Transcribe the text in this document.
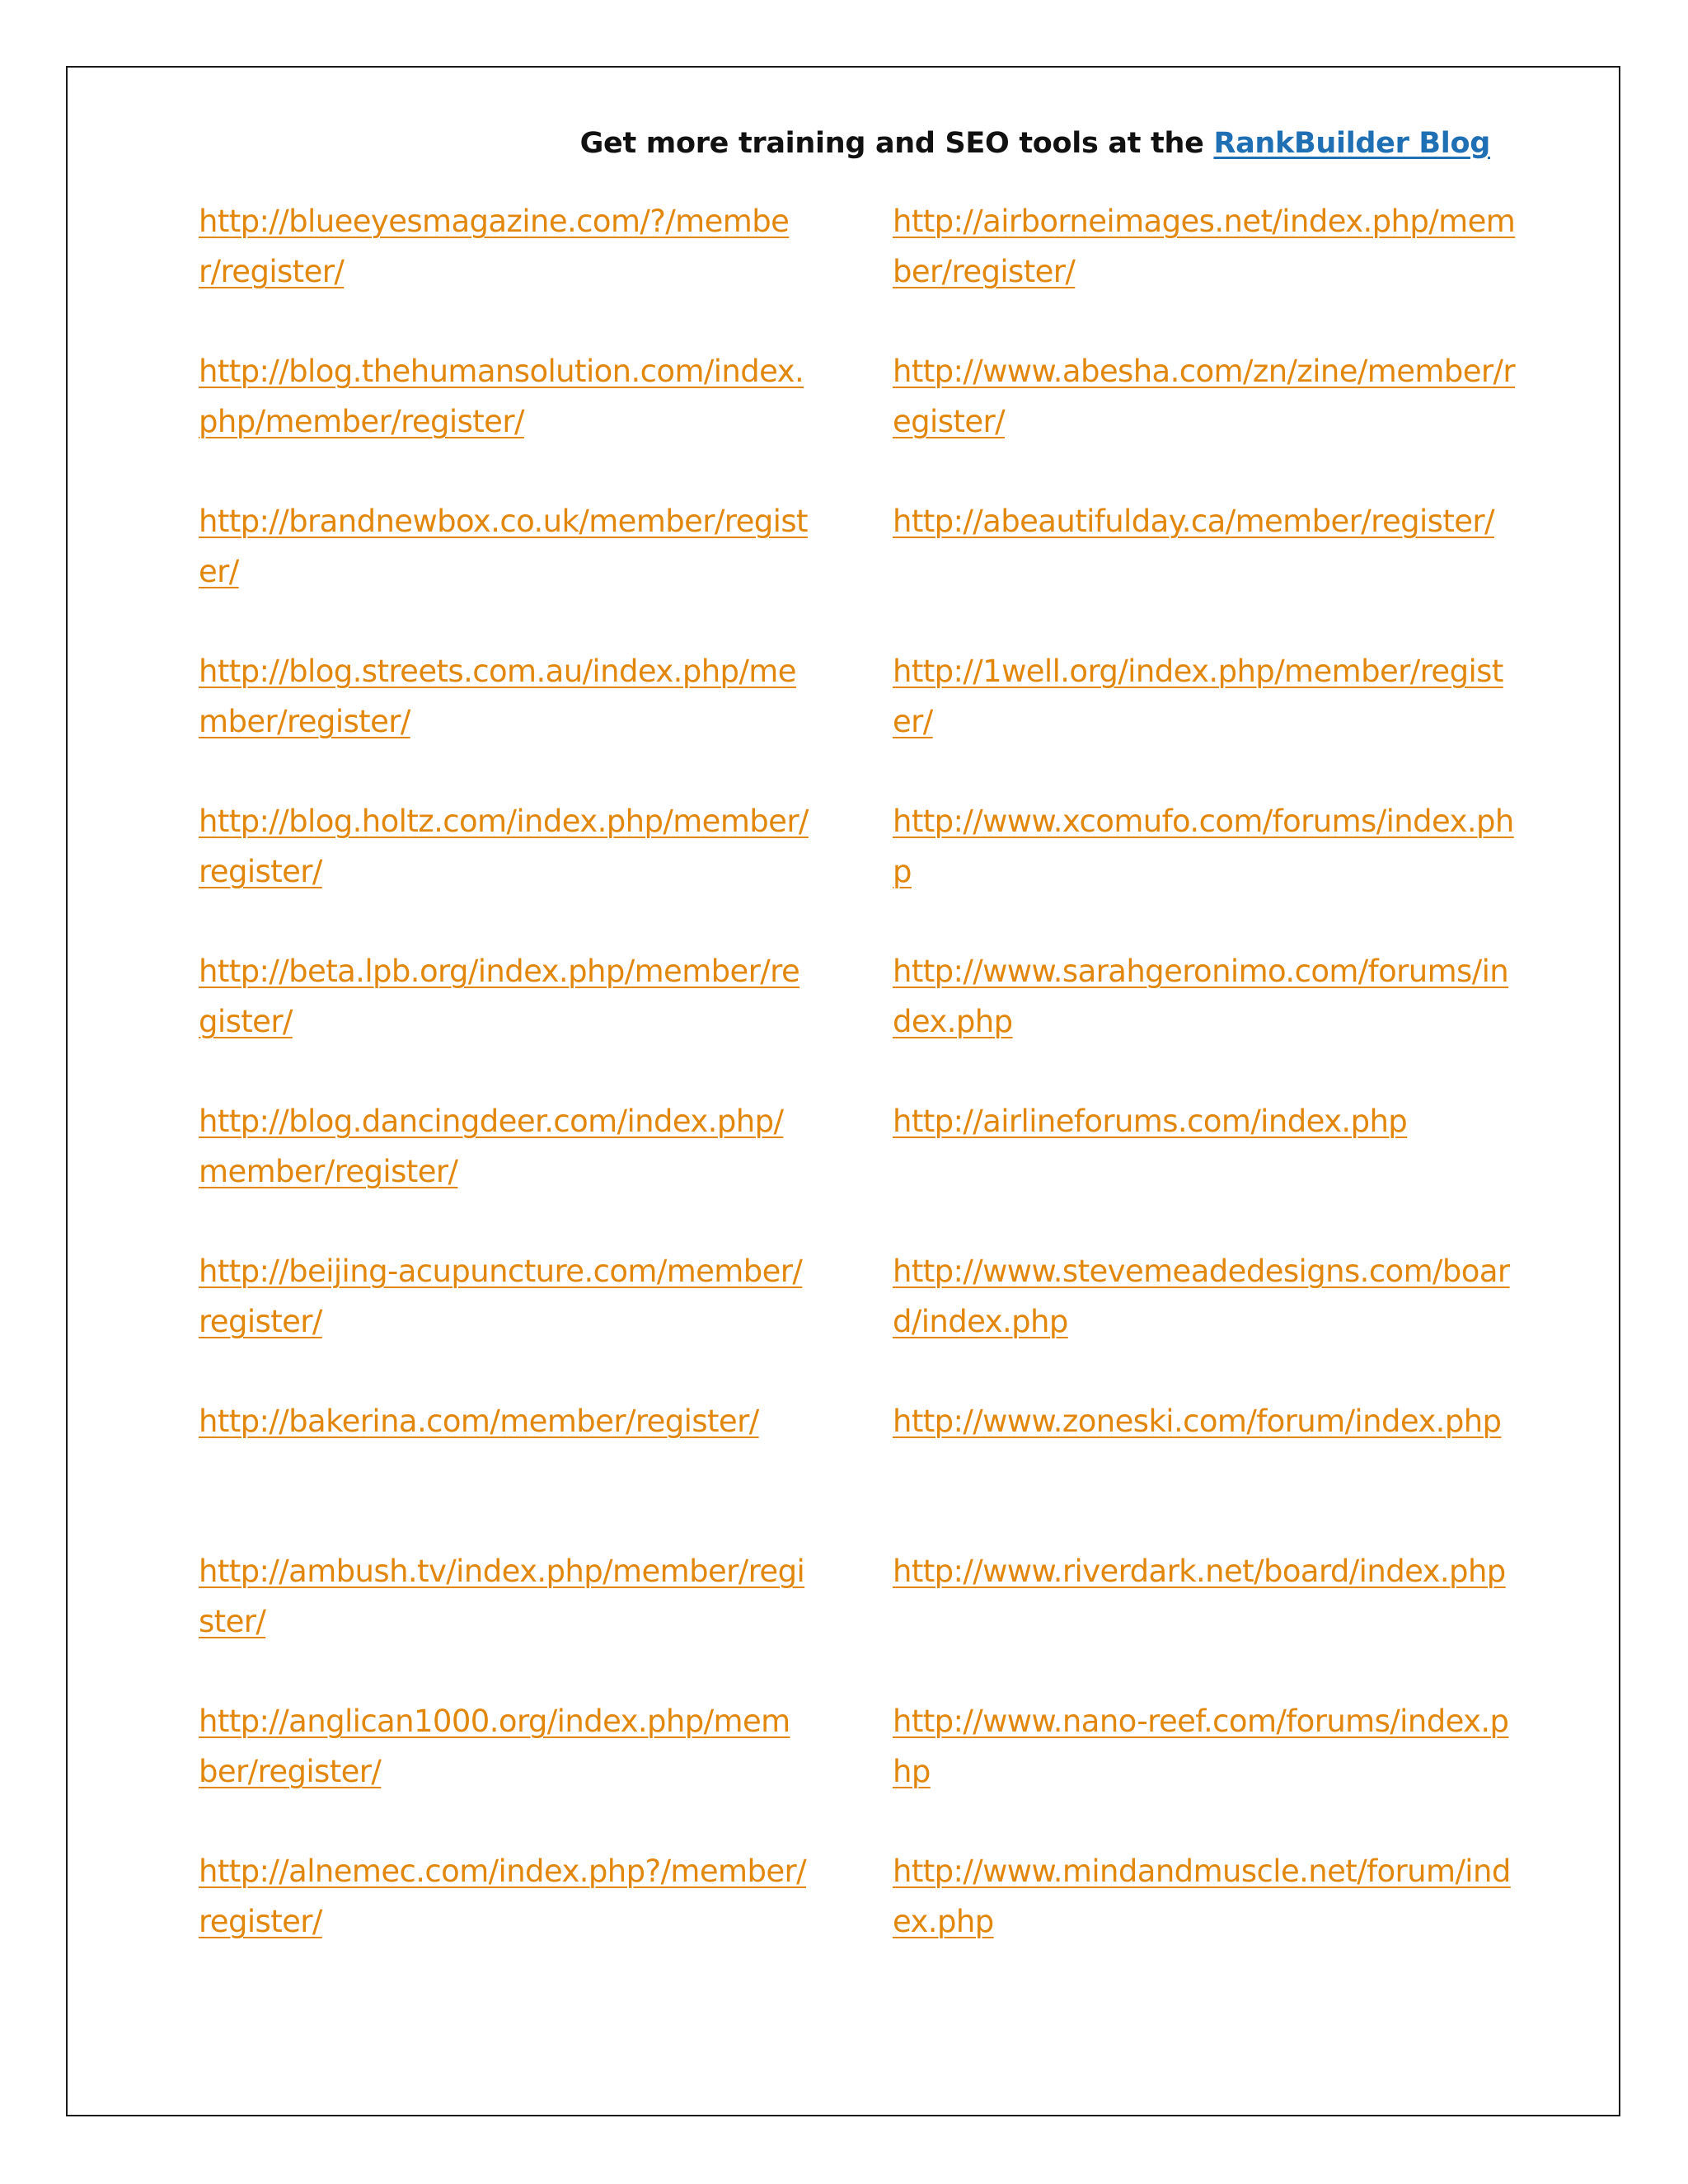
Get more training and SEO tools at the RankBuilder Blog
http://blueeyesmagazine.com/?/member/register/
http://blog.thehumansolution.com/index.php/member/register/
http://brandnewbox.co.uk/member/register/
http://blog.streets.com.au/index.php/member/register/
http://blog.holtz.com/index.php/member/register/
http://beta.lpb.org/index.php/member/register/
http://blog.dancingdeer.com/index.php/member/register/
http://beijing-acupuncture.com/member/register/
http://bakerina.com/member/register/
http://ambush.tv/index.php/member/register/
http://anglican1000.org/index.php/member/register/
http://alnemec.com/index.php?/member/register/
http://airborneimages.net/index.php/member/register/
http://www.abesha.com/zn/zine/member/register/
http://abeautifulday.ca/member/register/
http://1well.org/index.php/member/register/
http://www.xcomufo.com/forums/index.php
http://www.sarahgeronimo.com/forums/index.php
http://airlineforums.com/index.php
http://www.stevemeadedesigns.com/board/index.php
http://www.zoneski.com/forum/index.php
http://www.riverdark.net/board/index.php
http://www.nano-reef.com/forums/index.php
http://www.mindandmuscle.net/forum/index.php
